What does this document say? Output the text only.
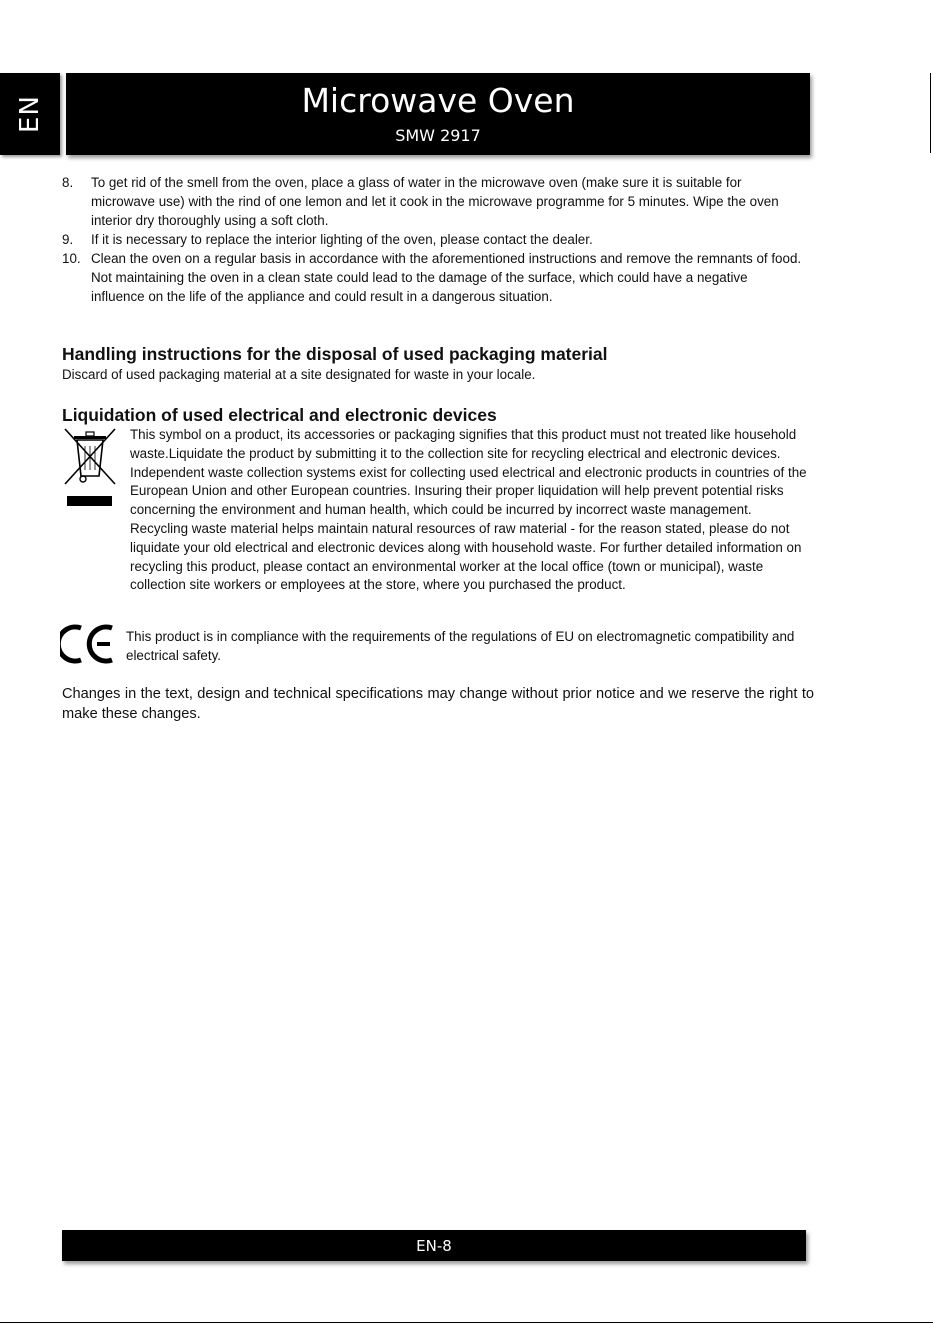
EN	Microwave Oven
SMW 2917
8.	To get rid of the smell from the oven, place a glass of water in the microwave oven (make sure it is suitable for microwave use) with the rind of one lemon and let it cook in the microwave programme for 5 minutes. Wipe the oven interior dry thoroughly using a soft cloth.
9.	If it is necessary to replace the interior lighting of the oven, please contact the dealer.
10. Clean the oven on a regular basis in accordance with the aforementioned instructions and remove the remnants of food. Not maintaining the oven in a clean state could lead to the damage of the surface, which could have a negative influence on the life of the appliance and could result in a dangerous situation.
Handling instructions for the disposal of used packaging material
Discard of used packaging material at a site designated for waste in your locale.
Liquidation of used electrical and electronic devices
This symbol on a product, its accessories or packaging signifies that this product must not treated like household waste.Liquidate the product by submitting it to the collection site for recycling electrical and electronic devices. Independent waste collection systems exist for collecting used electrical and electronic products in countries of the European Union and other European countries. Insuring their proper liquidation will help prevent potential risks concerning the environment and human health, which could be incurred by incorrect waste management. Recycling waste material helps maintain natural resources of raw material - for the reason stated, please do not liquidate your old electrical and electronic devices along with household waste. For further detailed information on recycling this product, please contact an environmental worker at the local office (town or municipal), waste collection site workers or employees at the store, where you purchased the product.
This product is in compliance with the requirements of the regulations of EU on electromagnetic compatibility and electrical safety.
Changes in the text, design and technical specifications may change without prior notice and we reserve the right to make these changes.
EN-8
